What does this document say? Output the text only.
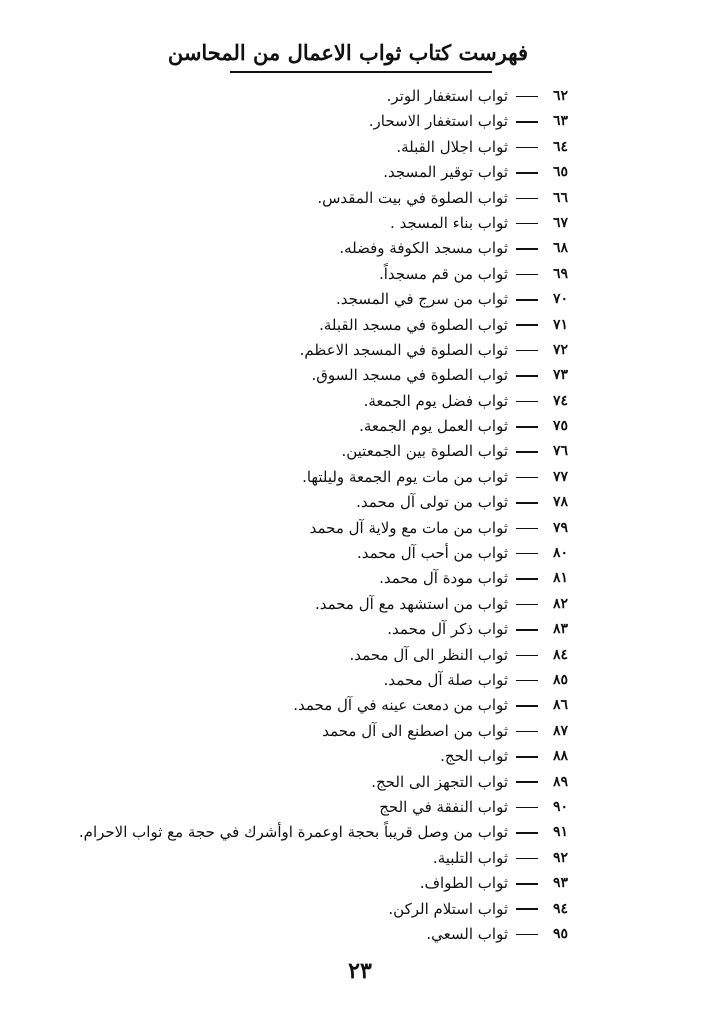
فهرست كتاب ثواب الاعمال من المحاسن
٦٢
ثواب استغفار الوتر.
٦٣
ثواب استغفار الاسحار.
٦٤
ثواب اجلال القبلة.
٦٥
ثواب توقير المسجد.
٦٦
ثواب الصلوة في بيت المقدس.
٦٧
ثواب بناء المسجد .
٦٨
ثواب مسجد الكوفة وفضله.
٦٩
ثواب من قم مسجداً.
٧٠
ثواب من سرج في المسجد.
٧١
ثواب الصلوة في مسجد القبلة.
٧٢
ثواب الصلوة في المسجد الاعظم.
٧٣
ثواب الصلوة في مسجد السوق.
٧٤
ثواب فضل يوم الجمعة.
٧٥
ثواب العمل يوم الجمعة.
٧٦
ثواب الصلوة بين الجمعتين.
٧٧
ثواب من مات يوم الجمعة وليلتها.
٧٨
ثواب من تولى آل محمد.
٧٩
ثواب من مات مع ولاية آل محمد
٨٠
ثواب من أحب آل محمد.
٨١
ثواب مودة آل محمد.
٨٢
ثواب من استشهد مع آل محمد.
٨٣
ثواب ذكر آل محمد.
٨٤
ثواب النظر الى آل محمد.
٨٥
ثواب صلة آل محمد.
٨٦
ثواب من دمعت عينه في آل محمد.
٨٧
ثواب من اصطنع الى آل محمد
٨٨
ثواب الحج.
٨٩
ثواب التجهز الى الحج.
٩٠
ثواب النفقة في الحج
٩١
ثواب من وصل قريباً بحجة اوعمرة اوأشرك في حجة مع ثواب الاحرام.
٩٢
ثواب التلبية.
٩٣
ثواب الطواف.
٩٤
ثواب استلام الركن.
٩٥
ثواب السعي.
٢٣
